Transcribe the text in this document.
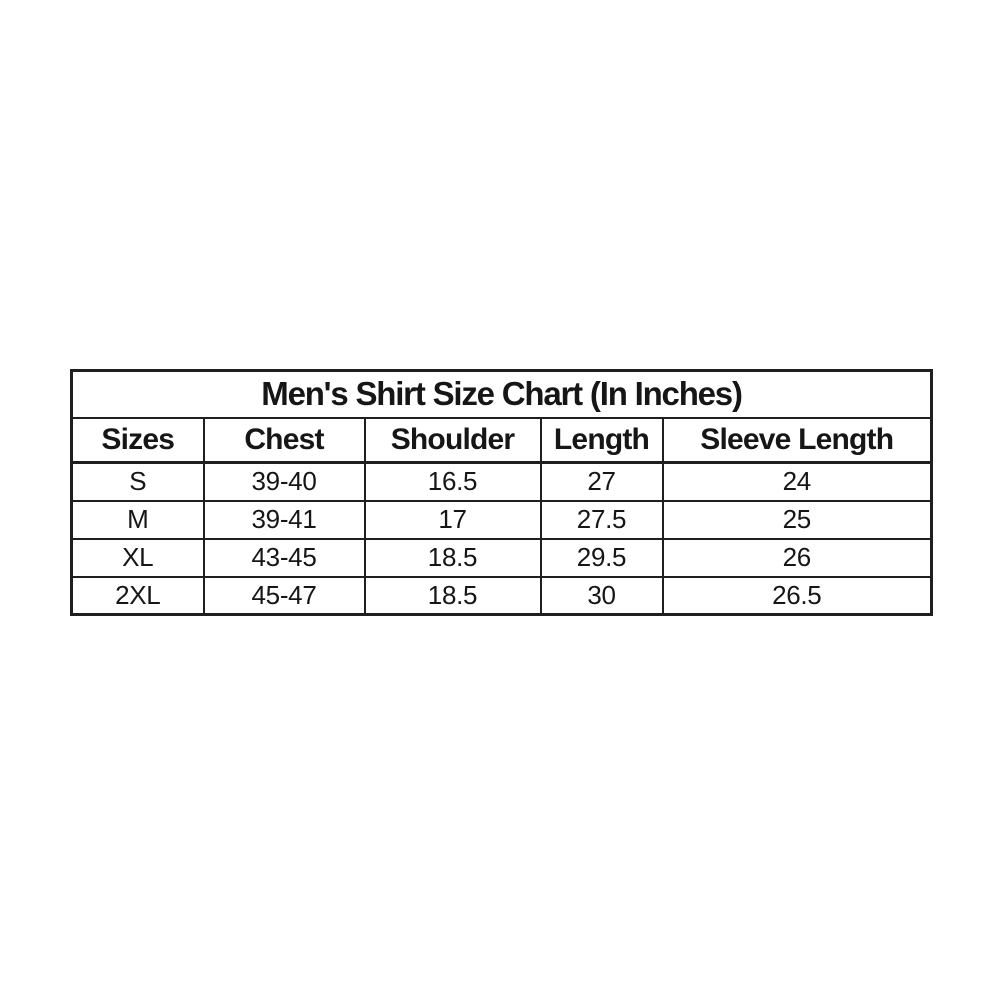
Men's Shirt Size Chart (In Inches)				
Sizes	Chest	Shoulder	Length	Sleeve Length
S	39-40	16.5	27	24
M	39-41	17	27.5	25
XL	43-45	18.5	29.5	26
2XL	45-47	18.5	30	26.5
